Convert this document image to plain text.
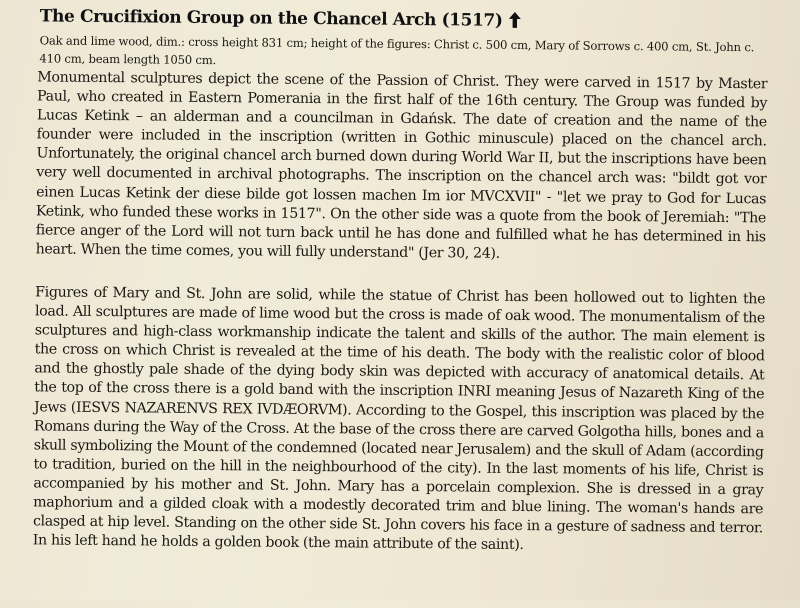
The Crucifixion Group on the Chancel Arch (1517)

Oak and lime wood, dim.: cross height 831 cm; height of the figures: Christ c. 500 cm, Mary of Sorrows c. 400 cm, St. John c. 410 cm, beam length 1050 cm.

Monumental sculptures depict the scene of the Passion of Christ. They were carved in 1517 by Master Paul, who created in Eastern Pomerania in the first half of the 16th century. The Group was funded by Lucas Ketink – an alderman and a councilman in Gdańsk. The date of creation and the name of the founder were included in the inscription (written in Gothic minuscule) placed on the chancel arch. Unfortunately, the original chancel arch burned down during World War II, but the inscriptions have been very well documented in archival photographs. The inscription on the chancel arch was: "bildt got vor einen Lucas Ketink der diese bilde got lossen machen Im ior MVCXVII" - "let we pray to God for Lucas Ketink, who funded these works in 1517". On the other side was a quote from the book of Jeremiah: "The fierce anger of the Lord will not turn back until he has done and fulfilled what he has determined in his heart. When the time comes, you will fully understand" (Jer 30, 24).

Figures of Mary and St. John are solid, while the statue of Christ has been hollowed out to lighten the load. All sculptures are made of lime wood but the cross is made of oak wood. The monumentalism of the sculptures and high-class workmanship indicate the talent and skills of the author. The main element is the cross on which Christ is revealed at the time of his death. The body with the realistic color of blood and the ghostly pale shade of the dying body skin was depicted with accuracy of anatomical details. At the top of the cross there is a gold band with the inscription INRI meaning Jesus of Nazareth King of the Jews (IESVS NAZARENVS REX IVDÆORVM). According to the Gospel, this inscription was placed by the Romans during the Way of the Cross. At the base of the cross there are carved Golgotha hills, bones and a skull symbolizing the Mount of the condemned (located near Jerusalem) and the skull of Adam (according to tradition, buried on the hill in the neighbourhood of the city). In the last moments of his life, Christ is accompanied by his mother and St. John. Mary has a porcelain complexion. She is dressed in a gray maphorium and a gilded cloak with a modestly decorated trim and blue lining. The woman's hands are clasped at hip level. Standing on the other side St. John covers his face in a gesture of sadness and terror. In his left hand he holds a golden book (the main attribute of the saint).
